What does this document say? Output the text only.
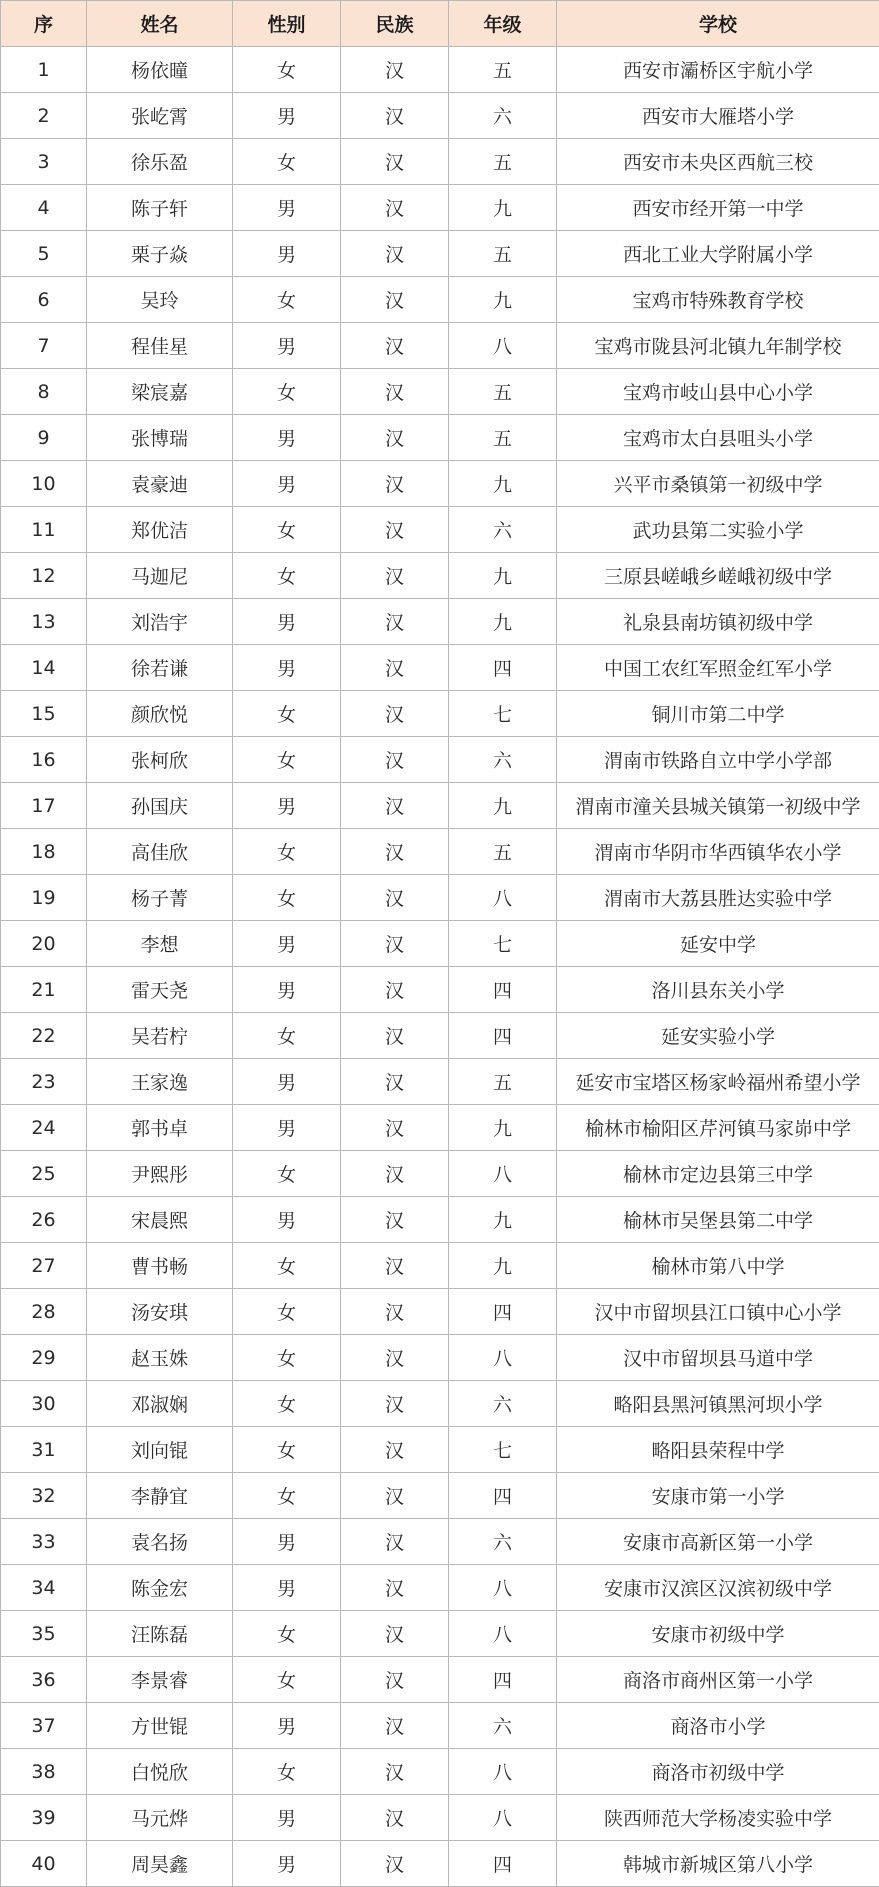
序	姓名	性别	民族	年级	学校
1	杨依曈	女	汉	五	西安市灞桥区宇航小学
2	张屹霄	男	汉	六	西安市大雁塔小学
3	徐乐盈	女	汉	五	西安市未央区西航三校
4	陈子轩	男	汉	九	西安市经开第一中学
5	栗子焱	男	汉	五	西北工业大学附属小学
6	吴玲	女	汉	九	宝鸡市特殊教育学校
7	程佳星	男	汉	八	宝鸡市陇县河北镇九年制学校
8	梁宸嘉	女	汉	五	宝鸡市岐山县中心小学
9	张博瑞	男	汉	五	宝鸡市太白县咀头小学
10	袁豪迪	男	汉	九	兴平市桑镇第一初级中学
11	郑优洁	女	汉	六	武功县第二实验小学
12	马迦尼	女	汉	九	三原县嵯峨乡嵯峨初级中学
13	刘浩宇	男	汉	九	礼泉县南坊镇初级中学
14	徐若谦	男	汉	四	中国工农红军照金红军小学
15	颜欣悦	女	汉	七	铜川市第二中学
16	张柯欣	女	汉	六	渭南市铁路自立中学小学部
17	孙国庆	男	汉	九	渭南市潼关县城关镇第一初级中学
18	高佳欣	女	汉	五	渭南市华阴市华西镇华农小学
19	杨子菁	女	汉	八	渭南市大荔县胜达实验中学
20	李想	男	汉	七	延安中学
21	雷天尧	男	汉	四	洛川县东关小学
22	吴若柠	女	汉	四	延安实验小学
23	王家逸	男	汉	五	延安市宝塔区杨家岭福州希望小学
24	郭书卓	男	汉	九	榆林市榆阳区芹河镇马家峁中学
25	尹熙彤	女	汉	八	榆林市定边县第三中学
26	宋晨熙	男	汉	九	榆林市吴堡县第二中学
27	曹书畅	女	汉	九	榆林市第八中学
28	汤安琪	女	汉	四	汉中市留坝县江口镇中心小学
29	赵玉姝	女	汉	八	汉中市留坝县马道中学
30	邓淑娴	女	汉	六	略阳县黑河镇黑河坝小学
31	刘向锟	女	汉	七	略阳县荣程中学
32	李静宜	女	汉	四	安康市第一小学
33	袁名扬	男	汉	六	安康市高新区第一小学
34	陈金宏	男	汉	八	安康市汉滨区汉滨初级中学
35	汪陈磊	女	汉	八	安康市初级中学
36	李景睿	女	汉	四	商洛市商州区第一小学
37	方世锟	男	汉	六	商洛市小学
38	白悦欣	女	汉	八	商洛市初级中学
39	马元烨	男	汉	八	陕西师范大学杨凌实验中学
40	周昊鑫	男	汉	四	韩城市新城区第八小学
